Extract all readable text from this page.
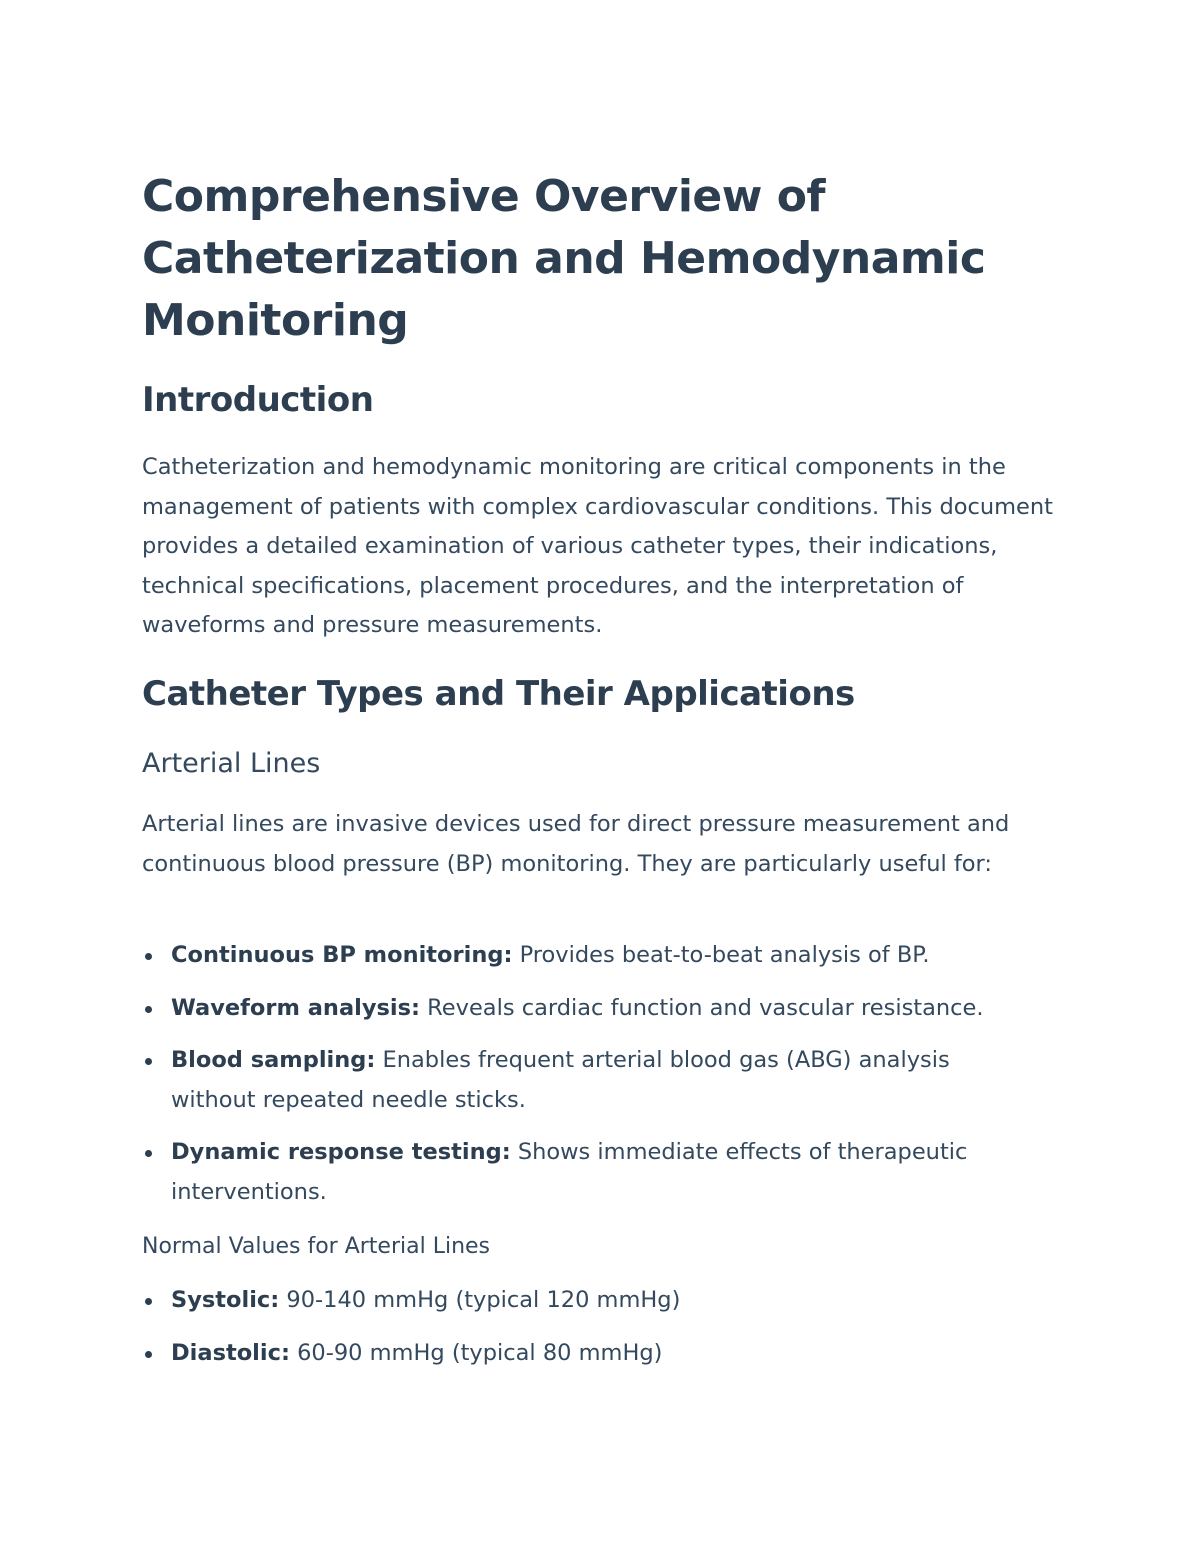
Comprehensive Overview of Catheterization and Hemodynamic Monitoring
Introduction

Catheterization and hemodynamic monitoring are critical components in the management of patients with complex cardiovascular conditions. This document provides a detailed examination of various catheter types, their indications, technical specifications, placement procedures, and the interpretation of waveforms and pressure measurements.

Catheter Types and Their Applications
Arterial Lines

Arterial lines are invasive devices used for direct pressure measurement and continuous blood pressure (BP) monitoring. They are particularly useful for:

Continuous BP monitoring: Provides beat-to-beat analysis of BP.
Waveform analysis: Reveals cardiac function and vascular resistance.
Blood sampling: Enables frequent arterial blood gas (ABG) analysis without repeated needle sticks.
Dynamic response testing: Shows immediate effects of therapeutic interventions.
Normal Values for Arterial Lines
Systolic: 90-140 mmHg (typical 120 mmHg)
Diastolic: 60-90 mmHg (typical 80 mmHg)
